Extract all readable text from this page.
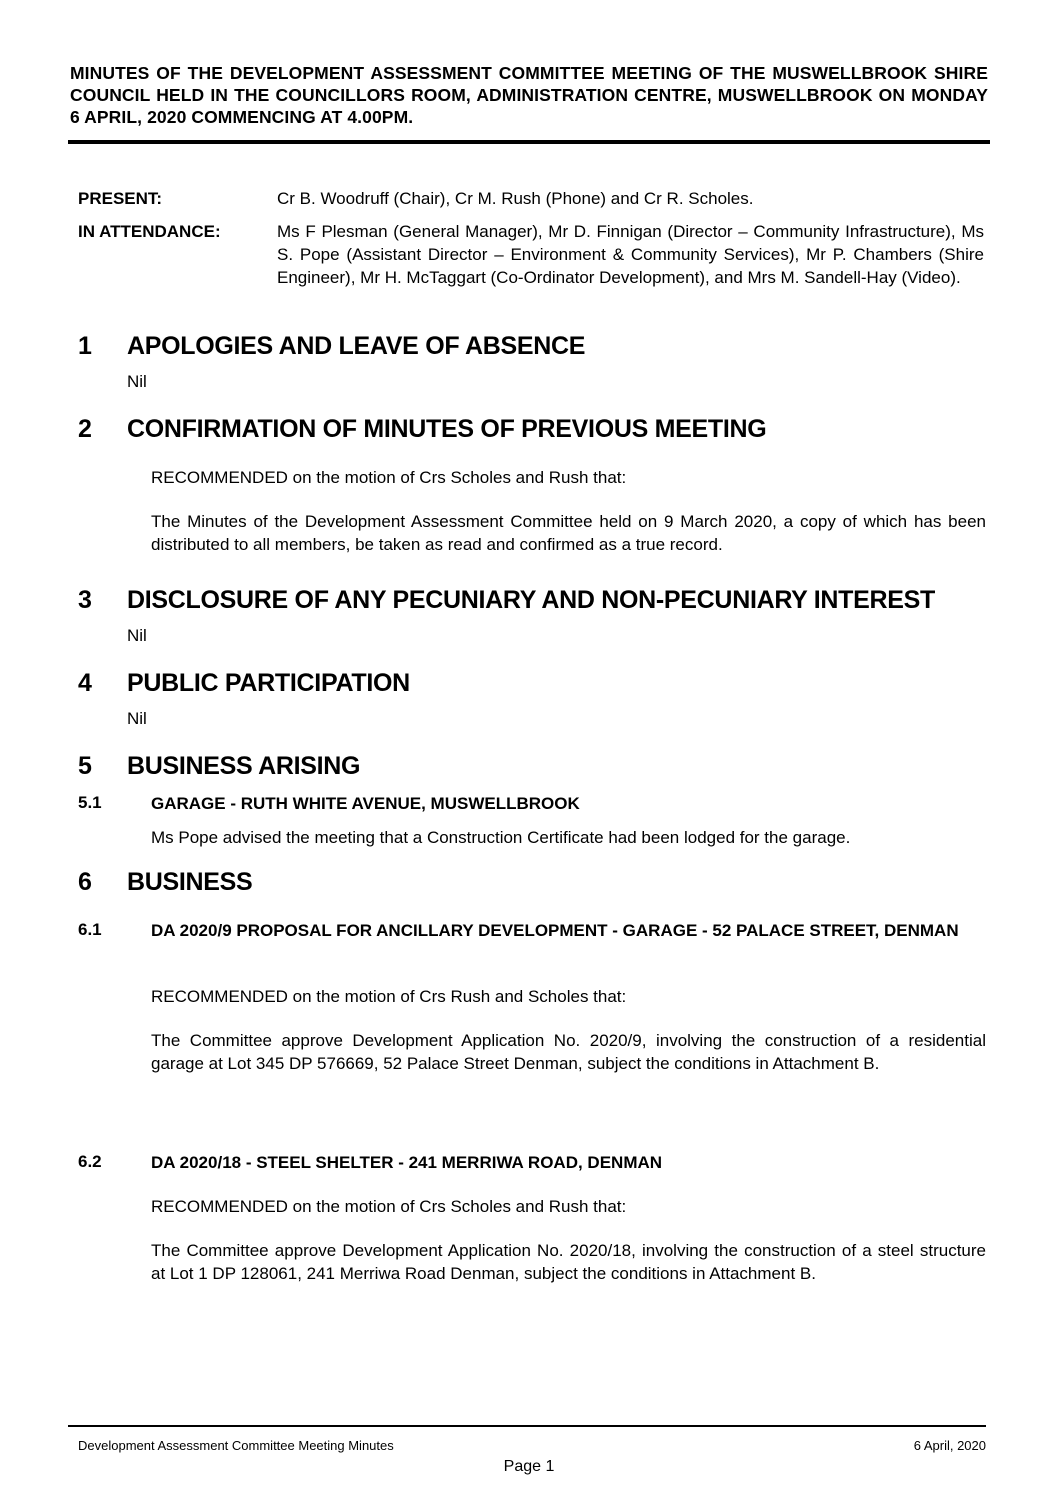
MINUTES OF THE DEVELOPMENT ASSESSMENT COMMITTEE MEETING OF THE MUSWELLBROOK SHIRE COUNCIL HELD IN THE COUNCILLORS ROOM, ADMINISTRATION CENTRE, MUSWELLBROOK ON MONDAY 6 APRIL, 2020 COMMENCING AT 4.00PM.
PRESENT:	Cr B. Woodruff (Chair), Cr M. Rush (Phone) and Cr R. Scholes.
IN ATTENDANCE:	Ms F Plesman (General Manager), Mr D. Finnigan (Director – Community Infrastructure), Ms S. Pope (Assistant Director – Environment & Community Services), Mr P. Chambers (Shire Engineer), Mr H. McTaggart (Co-Ordinator Development), and Mrs M. Sandell-Hay (Video).
1 APOLOGIES AND LEAVE OF ABSENCE
Nil
2 CONFIRMATION OF MINUTES OF PREVIOUS MEETING
RECOMMENDED on the motion of Crs Scholes and Rush that:
The Minutes of the Development Assessment Committee held on 9 March 2020, a copy of which has been distributed to all members, be taken as read and confirmed as a true record.
3 DISCLOSURE OF ANY PECUNIARY AND NON-PECUNIARY INTEREST
Nil
4 PUBLIC PARTICIPATION
Nil
5 BUSINESS ARISING
5.1	GARAGE - RUTH WHITE AVENUE, MUSWELLBROOK
Ms Pope advised the meeting that a Construction Certificate had been lodged for the garage.
6 BUSINESS
6.1	DA 2020/9 PROPOSAL FOR ANCILLARY DEVELOPMENT - GARAGE - 52 PALACE STREET, DENMAN
RECOMMENDED on the motion of Crs Rush and Scholes that:
The Committee approve Development Application No. 2020/9, involving the construction of a residential garage at Lot 345 DP 576669, 52 Palace Street Denman, subject the conditions in Attachment B.
6.2	DA 2020/18 - STEEL SHELTER - 241 MERRIWA ROAD, DENMAN
RECOMMENDED on the motion of Crs Scholes and Rush that:
The Committee approve Development Application No. 2020/18, involving the construction of a steel structure at Lot 1 DP 128061, 241 Merriwa Road Denman, subject the conditions in Attachment B.
Development Assessment Committee Meeting Minutes	6 April, 2020
Page 1
